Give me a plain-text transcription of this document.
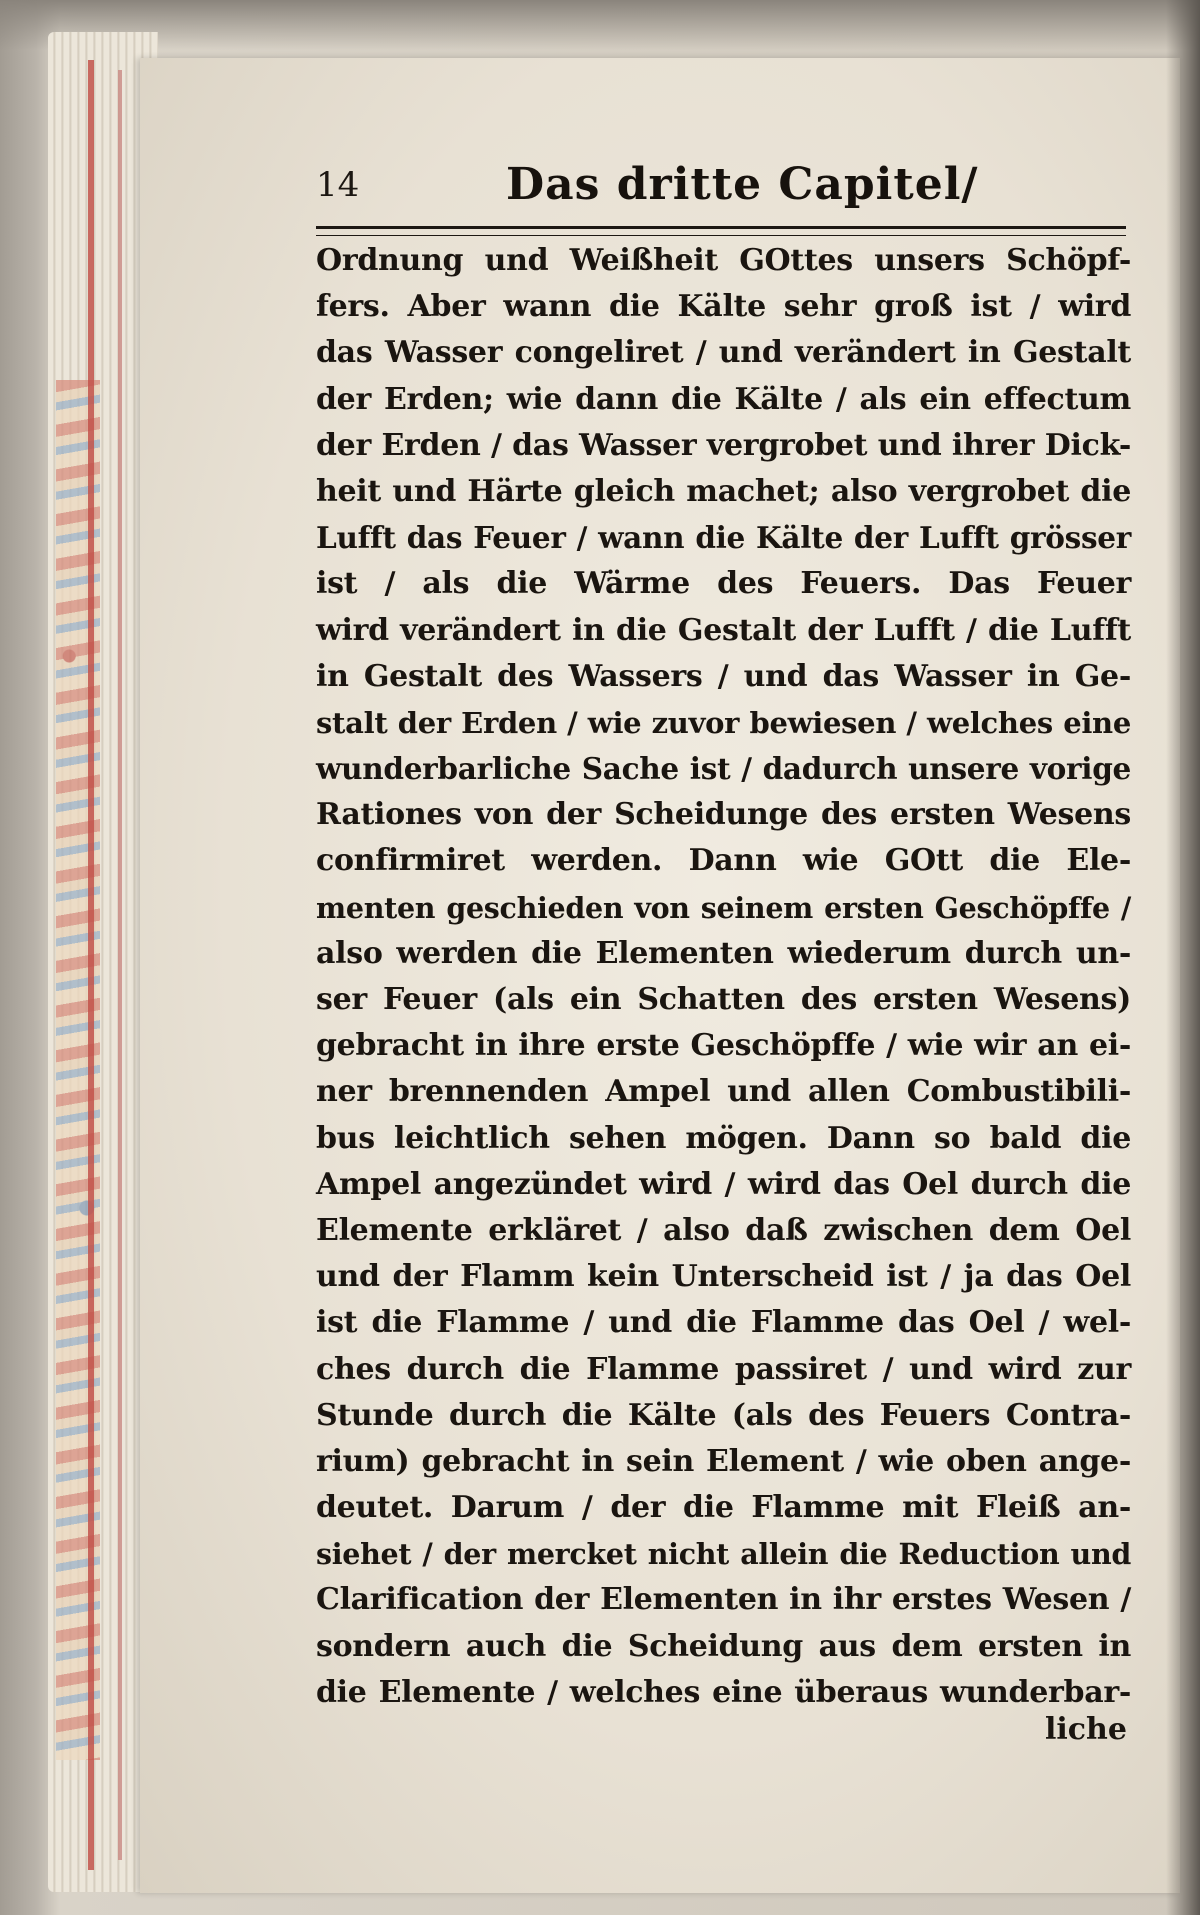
14	Das dritte Capitel/
Ordnung und Weißheit GOttes unsers Schöpf-
fers. Aber wann die Kälte sehr groß ist / wird
das Wasser congeliret / und verändert in Gestalt
der Erden; wie dann die Kälte / als ein effectum
der Erden / das Wasser vergrobet und ihrer Dick-
heit und Härte gleich machet; also vergrobet die
Lufft das Feuer / wann die Kälte der Lufft grösser
ist / als die Wärme des Feuers. Das Feuer
wird verändert in die Gestalt der Lufft / die Lufft
in Gestalt des Wassers / und das Wasser in Ge-
stalt der Erden / wie zuvor bewiesen / welches eine
wunderbarliche Sache ist / dadurch unsere vorige
Rationes von der Scheidunge des ersten Wesens
confirmiret werden. Dann wie GOtt die Ele-
menten geschieden von seinem ersten Geschöpffe /
also werden die Elementen wiederum durch un-
ser Feuer (als ein Schatten des ersten Wesens)
gebracht in ihre erste Geschöpffe / wie wir an ei-
ner brennenden Ampel und allen Combustibili-
bus leichtlich sehen mögen. Dann so bald die
Ampel angezündet wird / wird das Oel durch die
Elemente erkläret / also daß zwischen dem Oel
und der Flamm kein Unterscheid ist / ja das Oel
ist die Flamme / und die Flamme das Oel / wel-
ches durch die Flamme passiret / und wird zur
Stunde durch die Kälte (als des Feuers Contra-
rium) gebracht in sein Element / wie oben ange-
deutet. Darum / der die Flamme mit Fleiß an-
siehet / der mercket nicht allein die Reduction und
Clarification der Elementen in ihr erstes Wesen /
sondern auch die Scheidung aus dem ersten in
die Elemente / welches eine überaus wunderbar-
liche
